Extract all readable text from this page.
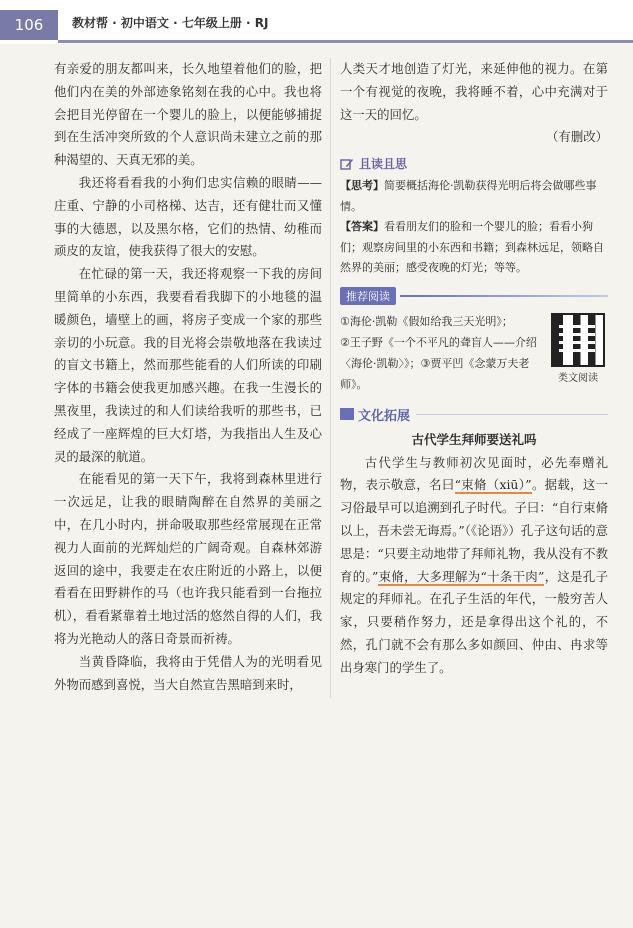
106	教材帮 · 初中语文 · 七年级上册 · RJ

有亲爱的朋友都叫来，长久地望着他们的脸，把他们内在美的外部迹象铭刻在我的心中。我也将会把目光停留在一个婴儿的脸上，以便能够捕捉到在生活冲突所致的个人意识尚未建立之前的那种渴望的、天真无邪的美。

我还将看看我的小狗们忠实信赖的眼睛——庄重、宁静的小司格梯、达吉，还有健壮而又懂事的大德恩，以及黑尔格，它们的热情、幼稚而顽皮的友谊，使我获得了很大的安慰。

在忙碌的第一天，我还将观察一下我的房间里简单的小东西，我要看看我脚下的小地毯的温暖颜色，墙壁上的画，将房子变成一个家的那些亲切的小玩意。我的目光将会崇敬地落在我读过的盲文书籍上，然而那些能看的人们所读的印刷字体的书籍会使我更加感兴趣。在我一生漫长的黑夜里，我读过的和人们读给我听的那些书，已经成了一座辉煌的巨大灯塔，为我指出人生及心灵的最深的航道。

在能看见的第一天下午，我将到森林里进行一次远足，让我的眼睛陶醉在自然界的美丽之中，在几小时内，拼命吸取那些经常展现在正常视力人面前的光辉灿烂的广阔奇观。自森林郊游返回的途中，我要走在农庄附近的小路上，以便看看在田野耕作的马（也许我只能看到一台拖拉机），看看紧靠着土地过活的悠然自得的人们，我将为光艳动人的落日奇景而祈祷。

当黄昏降临，我将由于凭借人为的光明看见外物而感到喜悦，当大自然宣告黑暗到来时，

人类天才地创造了灯光，来延伸他的视力。在第一个有视觉的夜晚，我将睡不着，心中充满对于这一天的回忆。

（有删改）
且读且思

【思考】简要概括海伦·凯勒获得光明后将会做哪些事情。

【答案】看看朋友们的脸和一个婴儿的脸；看看小狗们；观察房间里的小东西和书籍；到森林远足，领略自然界的美丽；感受夜晚的灯光；等等。

推荐阅读
①海伦·凯勒《假如给我三天光明》；
②王子野《一个不平凡的聋盲人——介绍〈海伦·凯勒〉》；③贾平凹《念蒙万夫老师》。	类文阅读
文化拓展
古代学生拜师要送礼吗

古代学生与教师初次见面时，必先奉赠礼物，表示敬意，名曰“束脩（xiū）”。据载，这一习俗最早可以追溯到孔子时代。子曰：“自行束脩以上，吾未尝无诲焉。”（《论语》）孔子这句话的意思是：“只要主动地带了拜师礼物，我从没有不教育的。”束脩，大多理解为“十条干肉”，这是孔子规定的拜师礼。在孔子生活的年代，一般穷苦人家，只要稍作努力，还是拿得出这个礼的，不然，孔门就不会有那么多如颜回、仲由、冉求等出身寒门的学生了。
